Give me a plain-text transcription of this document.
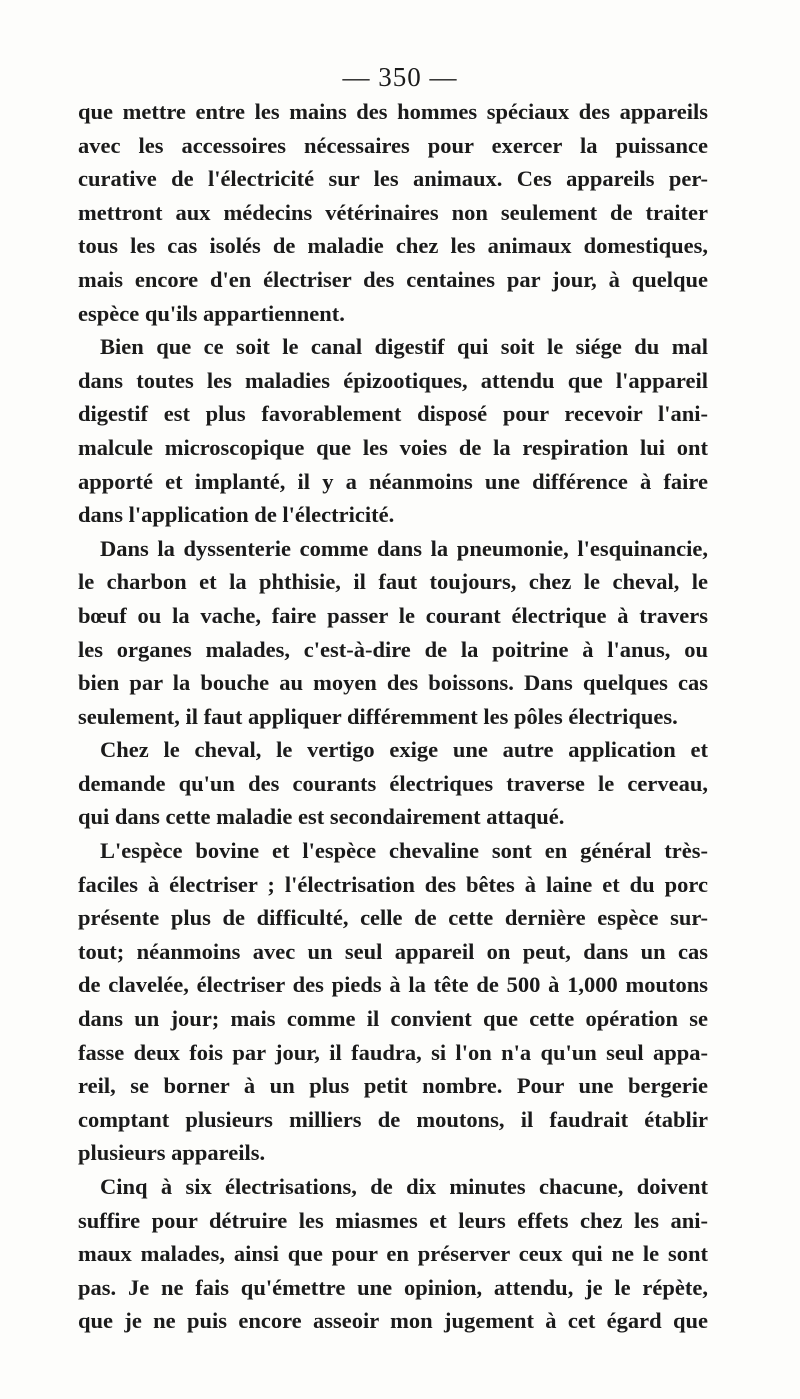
— 350 —
que mettre entre les mains des hommes spéciaux des appareils
avec les accessoires nécessaires pour exercer la puissance
curative de l'électricité sur les animaux. Ces appareils per-
mettront aux médecins vétérinaires non seulement de traiter
tous les cas isolés de maladie chez les animaux domestiques,
mais encore d'en électriser des centaines par jour, à quelque
espèce qu'ils appartiennent.
Bien que ce soit le canal digestif qui soit le siége du mal
dans toutes les maladies épizootiques, attendu que l'appareil
digestif est plus favorablement disposé pour recevoir l'ani-
malcule microscopique que les voies de la respiration lui ont
apporté et implanté, il y a néanmoins une différence à faire
dans l'application de l'électricité.
Dans la dyssenterie comme dans la pneumonie, l'esquinancie,
le charbon et la phthisie, il faut toujours, chez le cheval, le
bœuf ou la vache, faire passer le courant électrique à travers
les organes malades, c'est-à-dire de la poitrine à l'anus, ou
bien par la bouche au moyen des boissons. Dans quelques cas
seulement, il faut appliquer différemment les pôles électriques.
Chez le cheval, le vertigo exige une autre application et
demande qu'un des courants électriques traverse le cerveau,
qui dans cette maladie est secondairement attaqué.
L'espèce bovine et l'espèce chevaline sont en général très-
faciles à électriser ; l'électrisation des bêtes à laine et du porc
présente plus de difficulté, celle de cette dernière espèce sur-
tout; néanmoins avec un seul appareil on peut, dans un cas
de clavelée, électriser des pieds à la tête de 500 à 1,000 moutons
dans un jour; mais comme il convient que cette opération se
fasse deux fois par jour, il faudra, si l'on n'a qu'un seul appa-
reil, se borner à un plus petit nombre. Pour une bergerie
comptant plusieurs milliers de moutons, il faudrait établir
plusieurs appareils.
Cinq à six électrisations, de dix minutes chacune, doivent
suffire pour détruire les miasmes et leurs effets chez les ani-
maux malades, ainsi que pour en préserver ceux qui ne le sont
pas. Je ne fais qu'émettre une opinion, attendu, je le répète,
que je ne puis encore asseoir mon jugement à cet égard que
